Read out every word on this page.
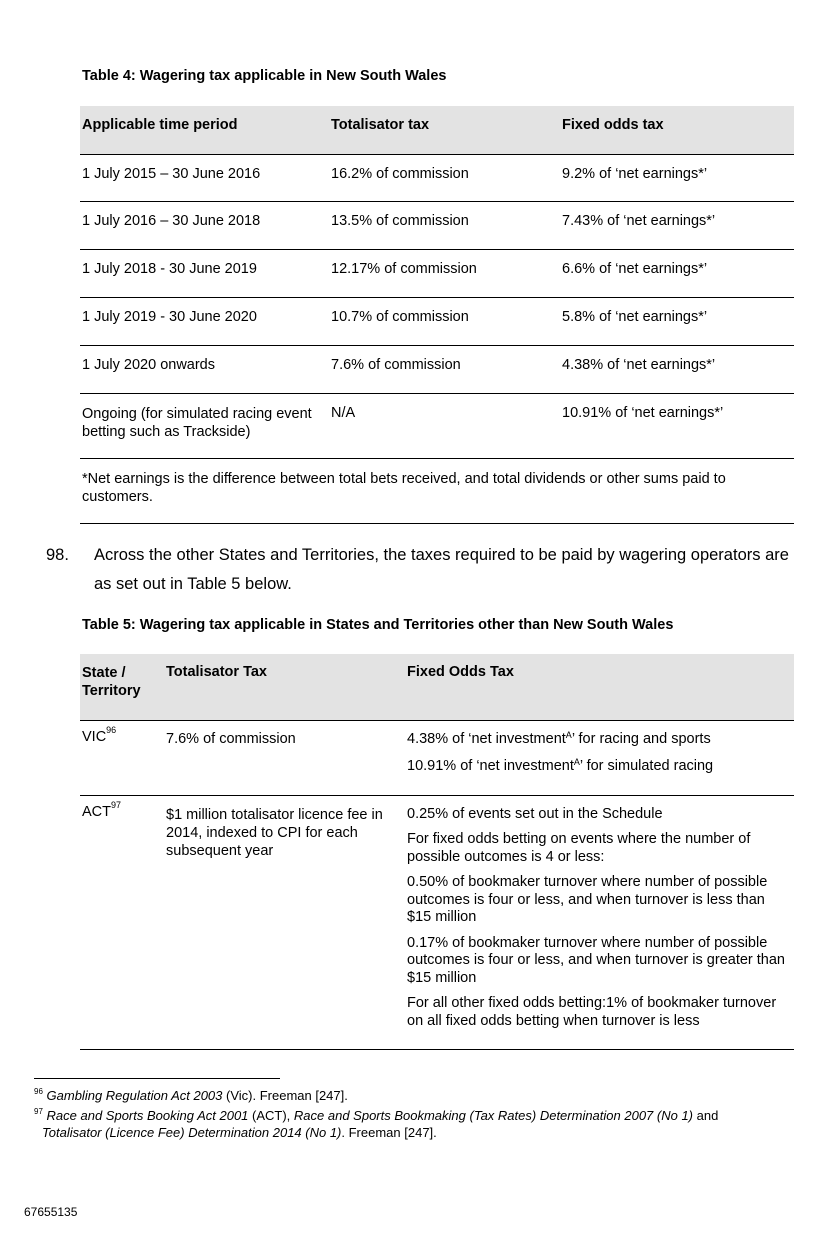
Table 4: Wagering tax applicable in New South Wales
Applicable time period	Totalisator tax	Fixed odds tax
1 July 2015 – 30 June 2016	16.2% of commission	9.2% of ‘net earnings*’
1 July 2016 – 30 June 2018	13.5% of commission	7.43% of ‘net earnings*’
1 July 2018 - 30 June 2019	12.17% of commission	6.6% of ‘net earnings*’
1 July 2019 - 30 June 2020	10.7% of commission	5.8% of ‘net earnings*’
1 July 2020 onwards	7.6% of commission	4.38% of ‘net earnings*’
Ongoing (for simulated racing event betting such as Trackside)	N/A	10.91% of ‘net earnings*’
*Net earnings is the difference between total bets received, and total dividends or other sums paid to customers.		
98. Across the other States and Territories, the taxes required to be paid by wagering operators are as set out in Table 5 below.
Table 5: Wagering tax applicable in States and Territories other than New South Wales
State / Territory	Totalisator Tax	Fixed Odds Tax
VIC$^{96}$	7.6% of commission	4.38% of ‘net investment$^A$’ for racing and sports

10.91% of ‘net investment$^A$’ for simulated racing

ACT$^{97}$	$1 million totalisator licence fee in 2014, indexed to CPI for each subsequent year	0.25% of events set out in the Schedule

For fixed odds betting on events where the number of possible outcomes is 4 or less:

0.50% of bookmaker turnover where number of possible outcomes is four or less, and when turnover is less than $15 million

0.17% of bookmaker turnover where number of possible outcomes is four or less, and when turnover is greater than $15 million

For all other fixed odds betting:1% of bookmaker turnover on all fixed odds betting when turnover is less

$^{96}$ Gambling Regulation Act 2003 (Vic). Freeman [247].
$^{97}$ Race and Sports Booking Act 2001 (ACT), Race and Sports Bookmaking (Tax Rates) Determination 2007 (No 1) and
Totalisator (Licence Fee) Determination 2014 (No 1). Freeman [247].
67655135
